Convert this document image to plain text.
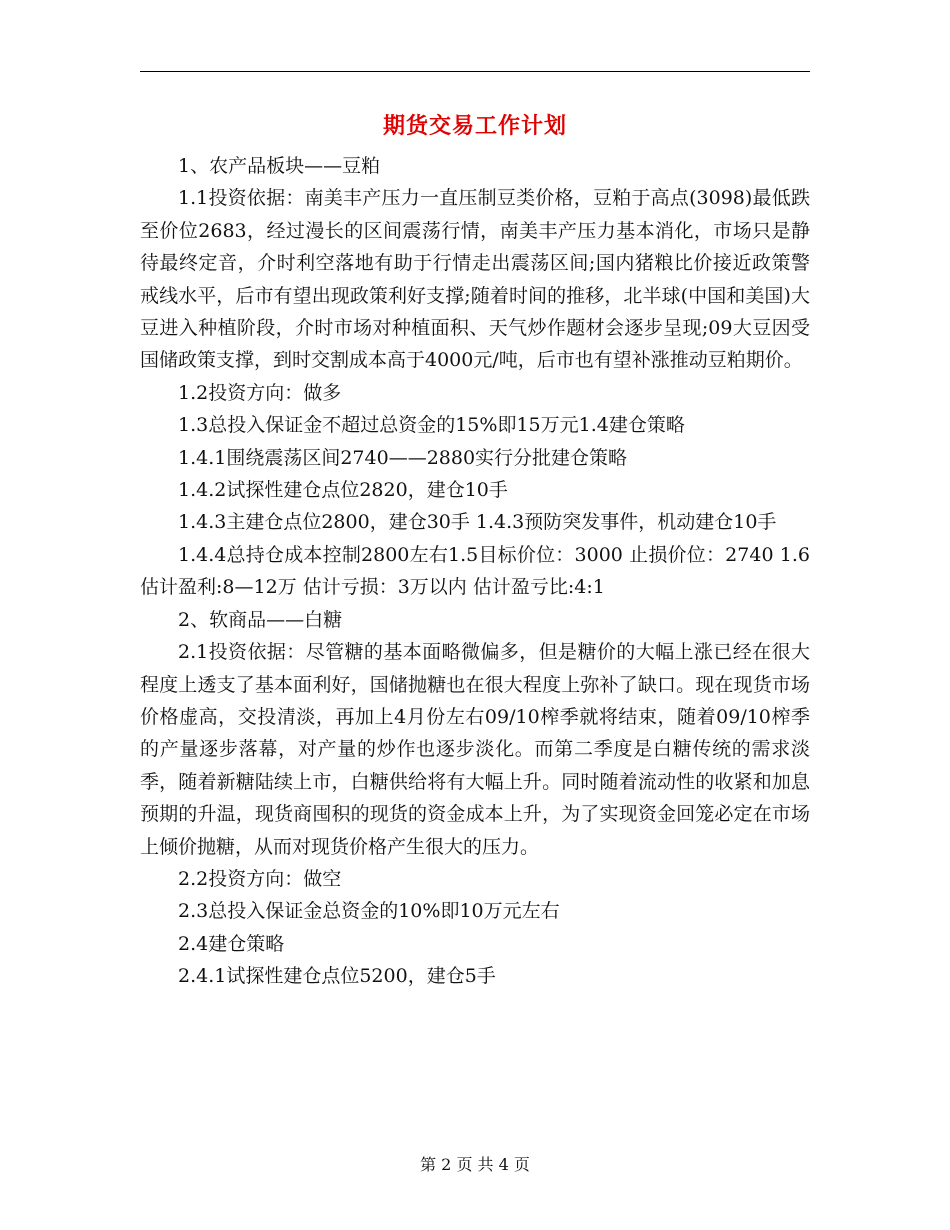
期货交易工作计划

1、农产品板块——豆粕

1.1投资依据：南美丰产压力一直压制豆类价格，豆粕于高点(3098)最低跌至价位2683，经过漫长的区间震荡行情，南美丰产压力基本消化，市场只是静待最终定音，介时利空落地有助于行情走出震荡区间;国内猪粮比价接近政策警戒线水平，后市有望出现政策利好支撑;随着时间的推移，北半球(中国和美国)大豆进入种植阶段，介时市场对种植面积、天气炒作题材会逐步呈现;09大豆因受国储政策支撑，到时交割成本高于4000元/吨，后市也有望补涨推动豆粕期价。

1.2投资方向：做多

1.3总投入保证金不超过总资金的15%即15万元1.4建仓策略

1.4.1围绕震荡区间2740——2880实行分批建仓策略

1.4.2试探性建仓点位2820，建仓10手

1.4.3主建仓点位2800，建仓30手 1.4.3预防突发事件，机动建仓10手

1.4.4总持仓成本控制2800左右1.5目标价位：3000 止损价位：2740 1.6估计盈利:8—12万 估计亏损：3万以内 估计盈亏比:4:1

2、软商品——白糖

2.1投资依据：尽管糖的基本面略微偏多，但是糖价的大幅上涨已经在很大程度上透支了基本面利好，国储抛糖也在很大程度上弥补了缺口。现在现货市场价格虚高，交投清淡，再加上4月份左右09/10榨季就将结束，随着09/10榨季的产量逐步落幕，对产量的炒作也逐步淡化。而第二季度是白糖传统的需求淡季，随着新糖陆续上市，白糖供给将有大幅上升。同时随着流动性的收紧和加息预期的升温，现货商囤积的现货的资金成本上升，为了实现资金回笼必定在市场上倾价抛糖，从而对现货价格产生很大的压力。

2.2投资方向：做空

2.3总投入保证金总资金的10%即10万元左右

2.4建仓策略

2.4.1试探性建仓点位5200，建仓5手

第 2 页 共 4 页
